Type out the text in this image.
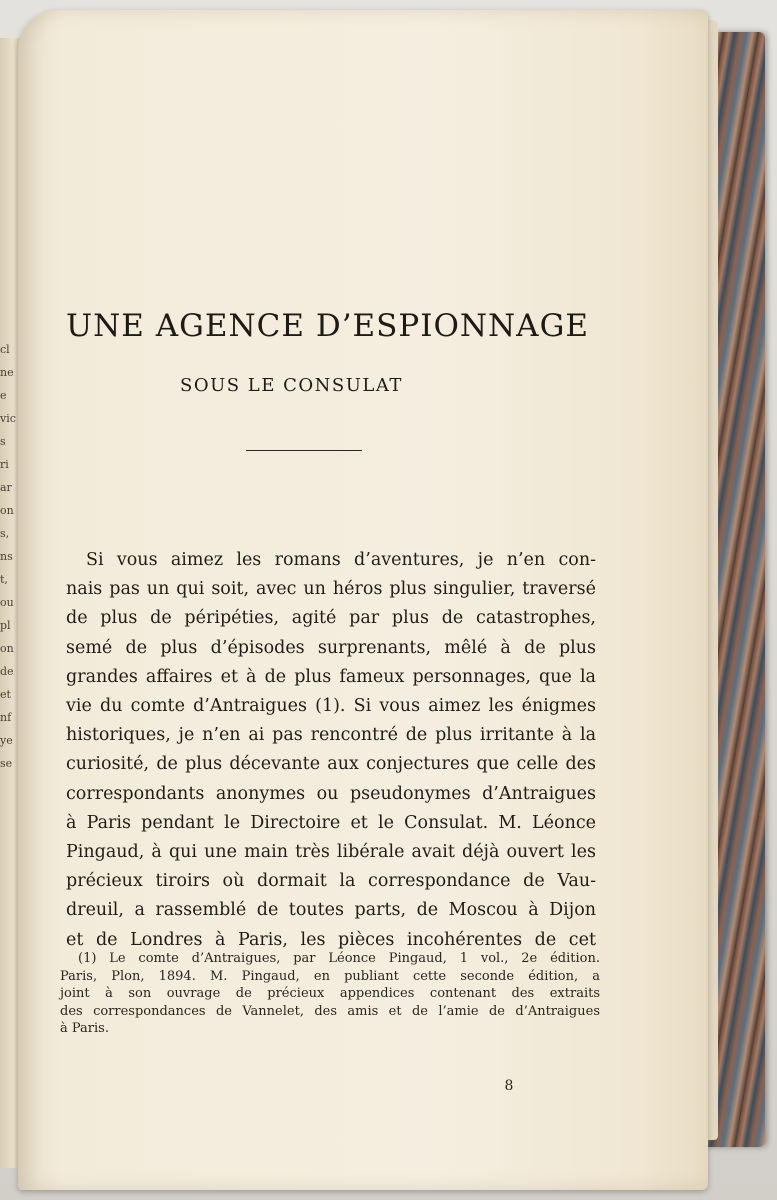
cl
ne
e
vic
s
ri
ar
on
s,
ns
t,
ou
pl
on
de
et
nf
ye
se
UNE AGENCE D’ESPIONNAGE
SOUS LE CONSULAT
Si vous aimez les romans d’aventures, je n’en con-
nais pas un qui soit, avec un héros plus singulier, traversé
de plus de péripéties, agité par plus de catastrophes,
semé de plus d’épisodes surprenants, mêlé à de plus
grandes affaires et à de plus fameux personnages, que la
vie du comte d’Antraigues (1). Si vous aimez les énigmes
historiques, je n’en ai pas rencontré de plus irritante à la
curiosité, de plus décevante aux conjectures que celle des
correspondants anonymes ou pseudonymes d’Antraigues
à Paris pendant le Directoire et le Consulat. M. Léonce
Pingaud, à qui une main très libérale avait déjà ouvert les
précieux tiroirs où dormait la correspondance de Vau-
dreuil, a rassemblé de toutes parts, de Moscou à Dijon
et de Londres à Paris, les pièces incohérentes de cet
(1) Le comte d’Antraigues, par Léonce Pingaud, 1 vol., 2e édition.
Paris, Plon, 1894. M. Pingaud, en publiant cette seconde édition, a
joint à son ouvrage de précieux appendices contenant des extraits
des correspondances de Vannelet, des amis et de l’amie de d’Antraigues
à Paris.
8
